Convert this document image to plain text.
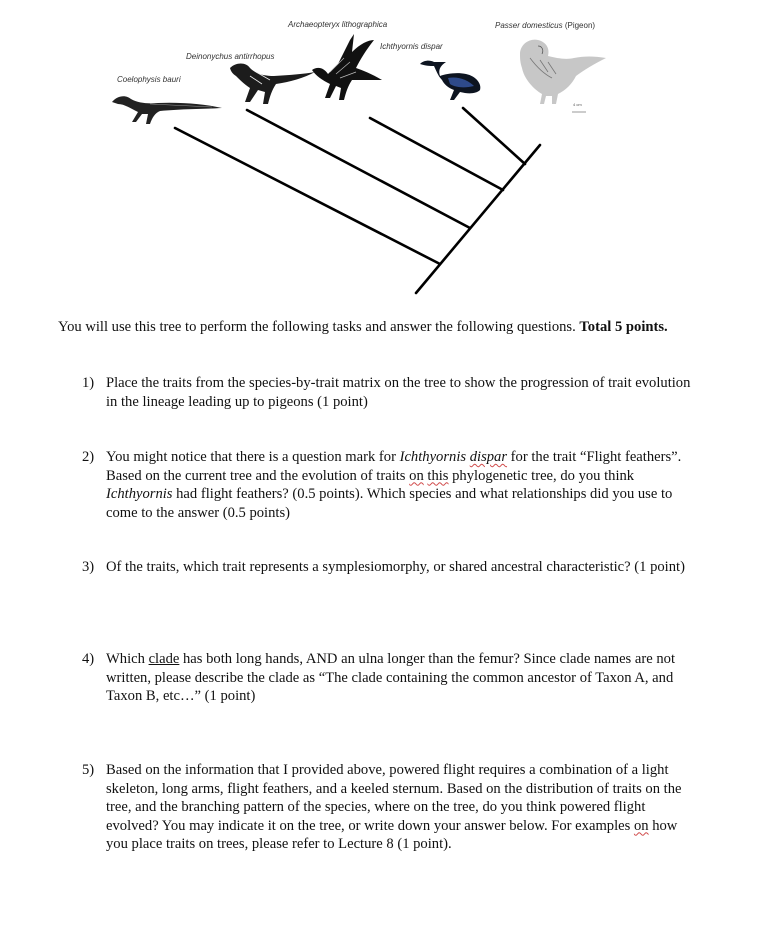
Coelophysis bauri
Deinonychus antirrhopus
Archaeopteryx lithographica
Ichthyornis dispar
Passer domesticus (Pigeon)
4 cm
You will use this tree to perform the following tasks and answer the following questions. Total 5 points.
1) Place the traits from the species-by-trait matrix on the tree to show the progression of trait evolution in the lineage leading up to pigeons (1 point)
2) You might notice that there is a question mark for Ichthyornis dispar for the trait “Flight feathers”. Based on the current tree and the evolution of traits on this phylogenetic tree, do you think Ichthyornis had flight feathers? (0.5 points). Which species and what relationships did you use to come to the answer (0.5 points)
3) Of the traits, which trait represents a symplesiomorphy, or shared ancestral characteristic? (1 point)
4) Which clade has both long hands, AND an ulna longer than the femur? Since clade names are not written, please describe the clade as “The clade containing the common ancestor of Taxon A, and Taxon B, etc…” (1 point)
5) Based on the information that I provided above, powered flight requires a combination of a light skeleton, long arms, flight feathers, and a keeled sternum. Based on the distribution of traits on the tree, and the branching pattern of the species, where on the tree, do you think powered flight evolved? You may indicate it on the tree, or write down your answer below. For examples on how you place traits on trees, please refer to Lecture 8 (1 point).
